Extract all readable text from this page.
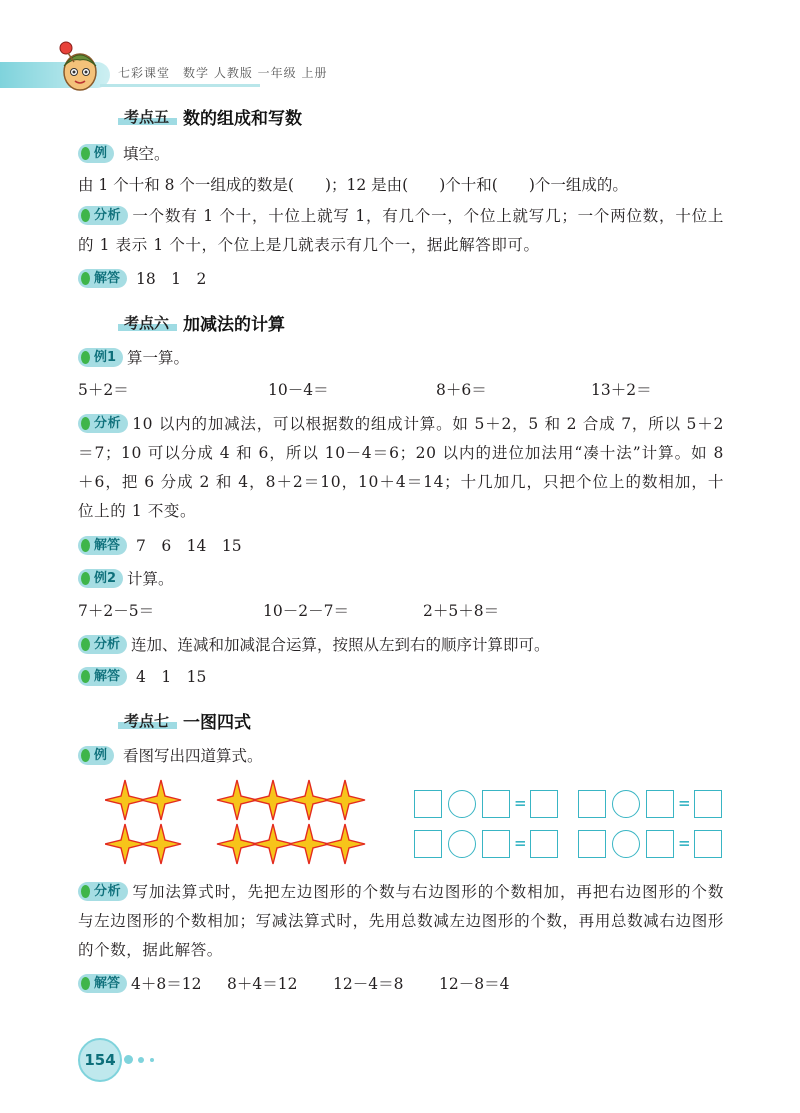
七彩课堂　数学 人教版 一年级 上册
考点五 数的组成和写数
例 填空。
由 1 个十和 8 个一组成的数是(　　)；12 是由(　　)个十和(　　)个一组成的。
分析 一个数有 1 个十，十位上就写 1，有几个一，个位上就写几；一个两位数，十位上的 1 表示 1 个十，个位上是几就表示有几个一，据此解答即可。
解答 18　1　2
考点六 加减法的计算
例1 算一算。
5＋2＝	10－4＝	8＋6＝	13＋2＝
分析 10 以内的加减法，可以根据数的组成计算。如 5＋2，5 和 2 合成 7，所以 5＋2＝7；10 可以分成 4 和 6，所以 10－4＝6；20 以内的进位加法用“凑十法”计算。如 8＋6，把 6 分成 2 和 4，8＋2＝10，10＋4＝14；十几加几，只把个位上的数相加，十位上的 1 不变。
解答 7　6　14　15
例2 计算。
7＋2－5＝	10－2－7＝	2＋5＋8＝
分析 连加、连减和加减混合运算，按照从左到右的顺序计算即可。
解答 4　1　15
考点七 一图四式
例 看图写出四道算式。
=	=
=	=
分析 写加法算式时，先把左边图形的个数与右边图形的个数相加，再把右边图形的个数与左边图形的个数相加；写减法算式时，先用总数减左边图形的个数，再用总数减右边图形的个数，据此解答。
解答 4＋8＝12 8＋4＝12 12－4＝8 12－8＝4
154
